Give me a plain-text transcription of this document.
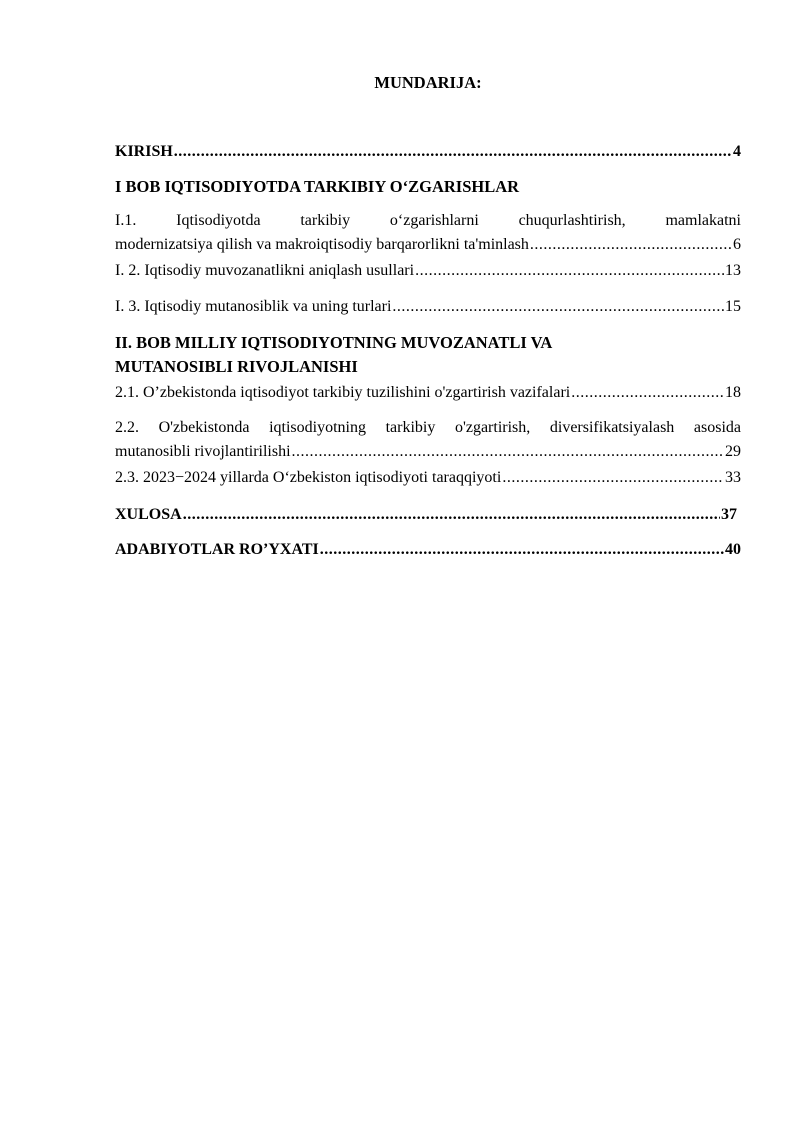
MUNDARIJA:
KIRISH .....	4
I BOB IQTISODIYOTDA TARKIBIY O‘ZGARISHLAR
I.1. Iqtisodiyotda tarkibiy o‘zgarishlarni chuqurlashtirish, mamlakatni
modernizatsiya qilish va makroiqtisodiy barqarorlikni ta'minlash .....	6
I. 2. Iqtisodiy muvozanatlikni aniqlash usullari .....	13
I. 3. Iqtisodiy mutanosiblik va uning turlari .....	15
II. BOB MILLIY IQTISODIYOTNING MUVOZANATLI VA
MUTANOSIBLI RIVOJLANISHI
2.1. O’zbekistonda iqtisodiyot tarkibiy tuzilishini o'zgartirish vazifalari .....	18
2.2. O'zbekistonda iqtisodiyotning tarkibiy o'zgartirish, diversifikatsiyalash asosida
mutanosibli rivojlantirilishi .....	29
2.3. 2023−2024 yillarda O‘zbekiston iqtisodiyoti taraqqiyoti .....	33
XULOSA .....	37
ADABIYOTLAR RO’YXATI .....	40
